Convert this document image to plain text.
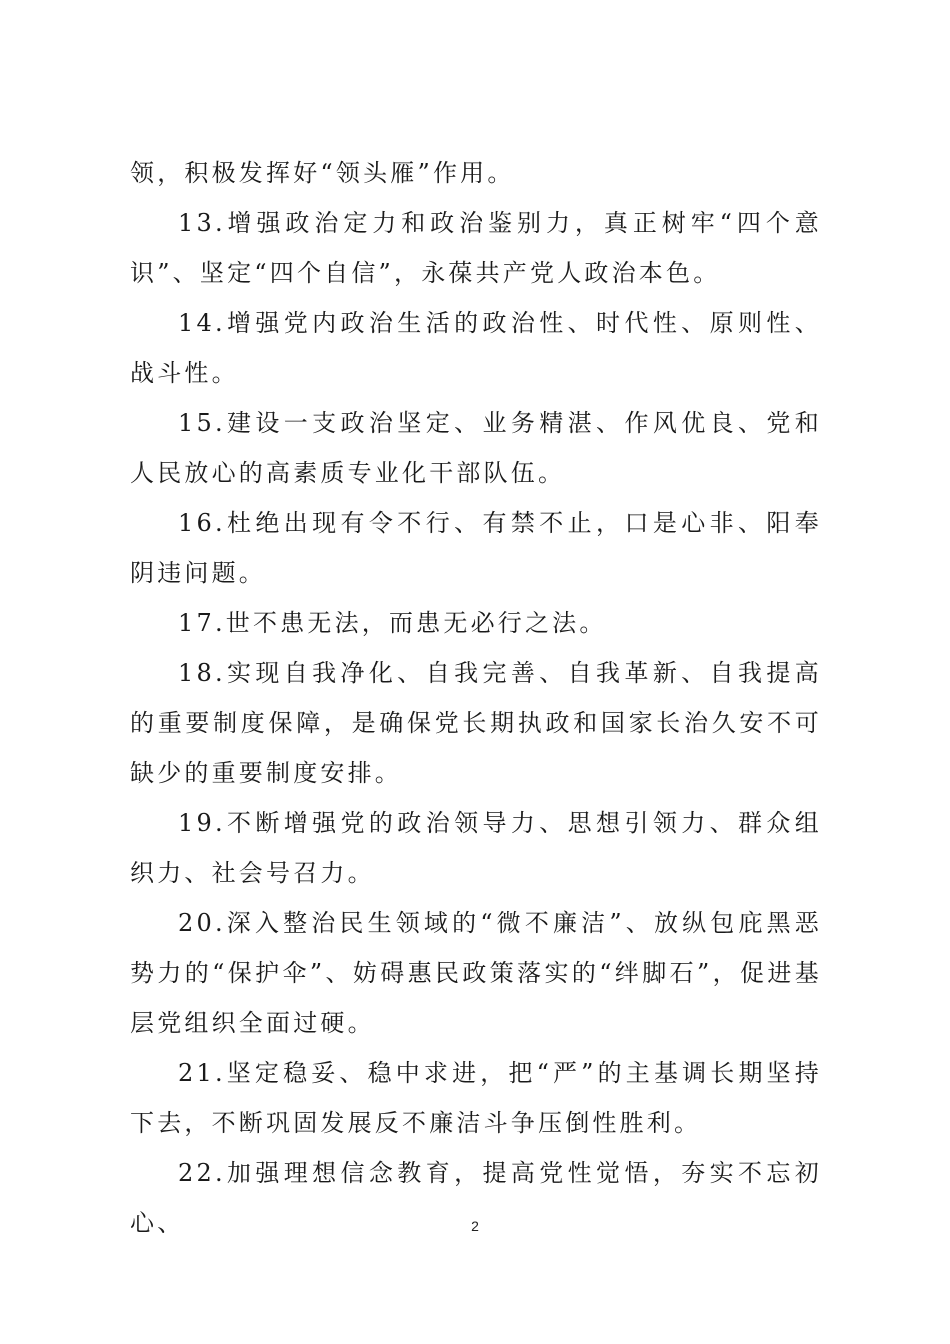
领，积极发挥好“领头雁”作用。

13.增强政治定力和政治鉴别力，真正树牢“四个意识”、坚定“四个自信”，永葆共产党人政治本色。

14.增强党内政治生活的政治性、时代性、原则性、战斗性。

15.建设一支政治坚定、业务精湛、作风优良、党和人民放心的高素质专业化干部队伍。

16.杜绝出现有令不行、有禁不止，口是心非、阳奉阴违问题。

17.世不患无法，而患无必行之法。

18.实现自我净化、自我完善、自我革新、自我提高的重要制度保障，是确保党长期执政和国家长治久安不可缺少的重要制度安排。

19.不断增强党的政治领导力、思想引领力、群众组织力、社会号召力。

20.深入整治民生领域的“微不廉洁”、放纵包庇黑恶势力的“保护伞”、妨碍惠民政策落实的“绊脚石”，促进基层党组织全面过硬。

21.坚定稳妥、稳中求进，把“严”的主基调长期坚持下去，不断巩固发展反不廉洁斗争压倒性胜利。

22.加强理想信念教育，提高党性觉悟，夯实不忘初心、	2
